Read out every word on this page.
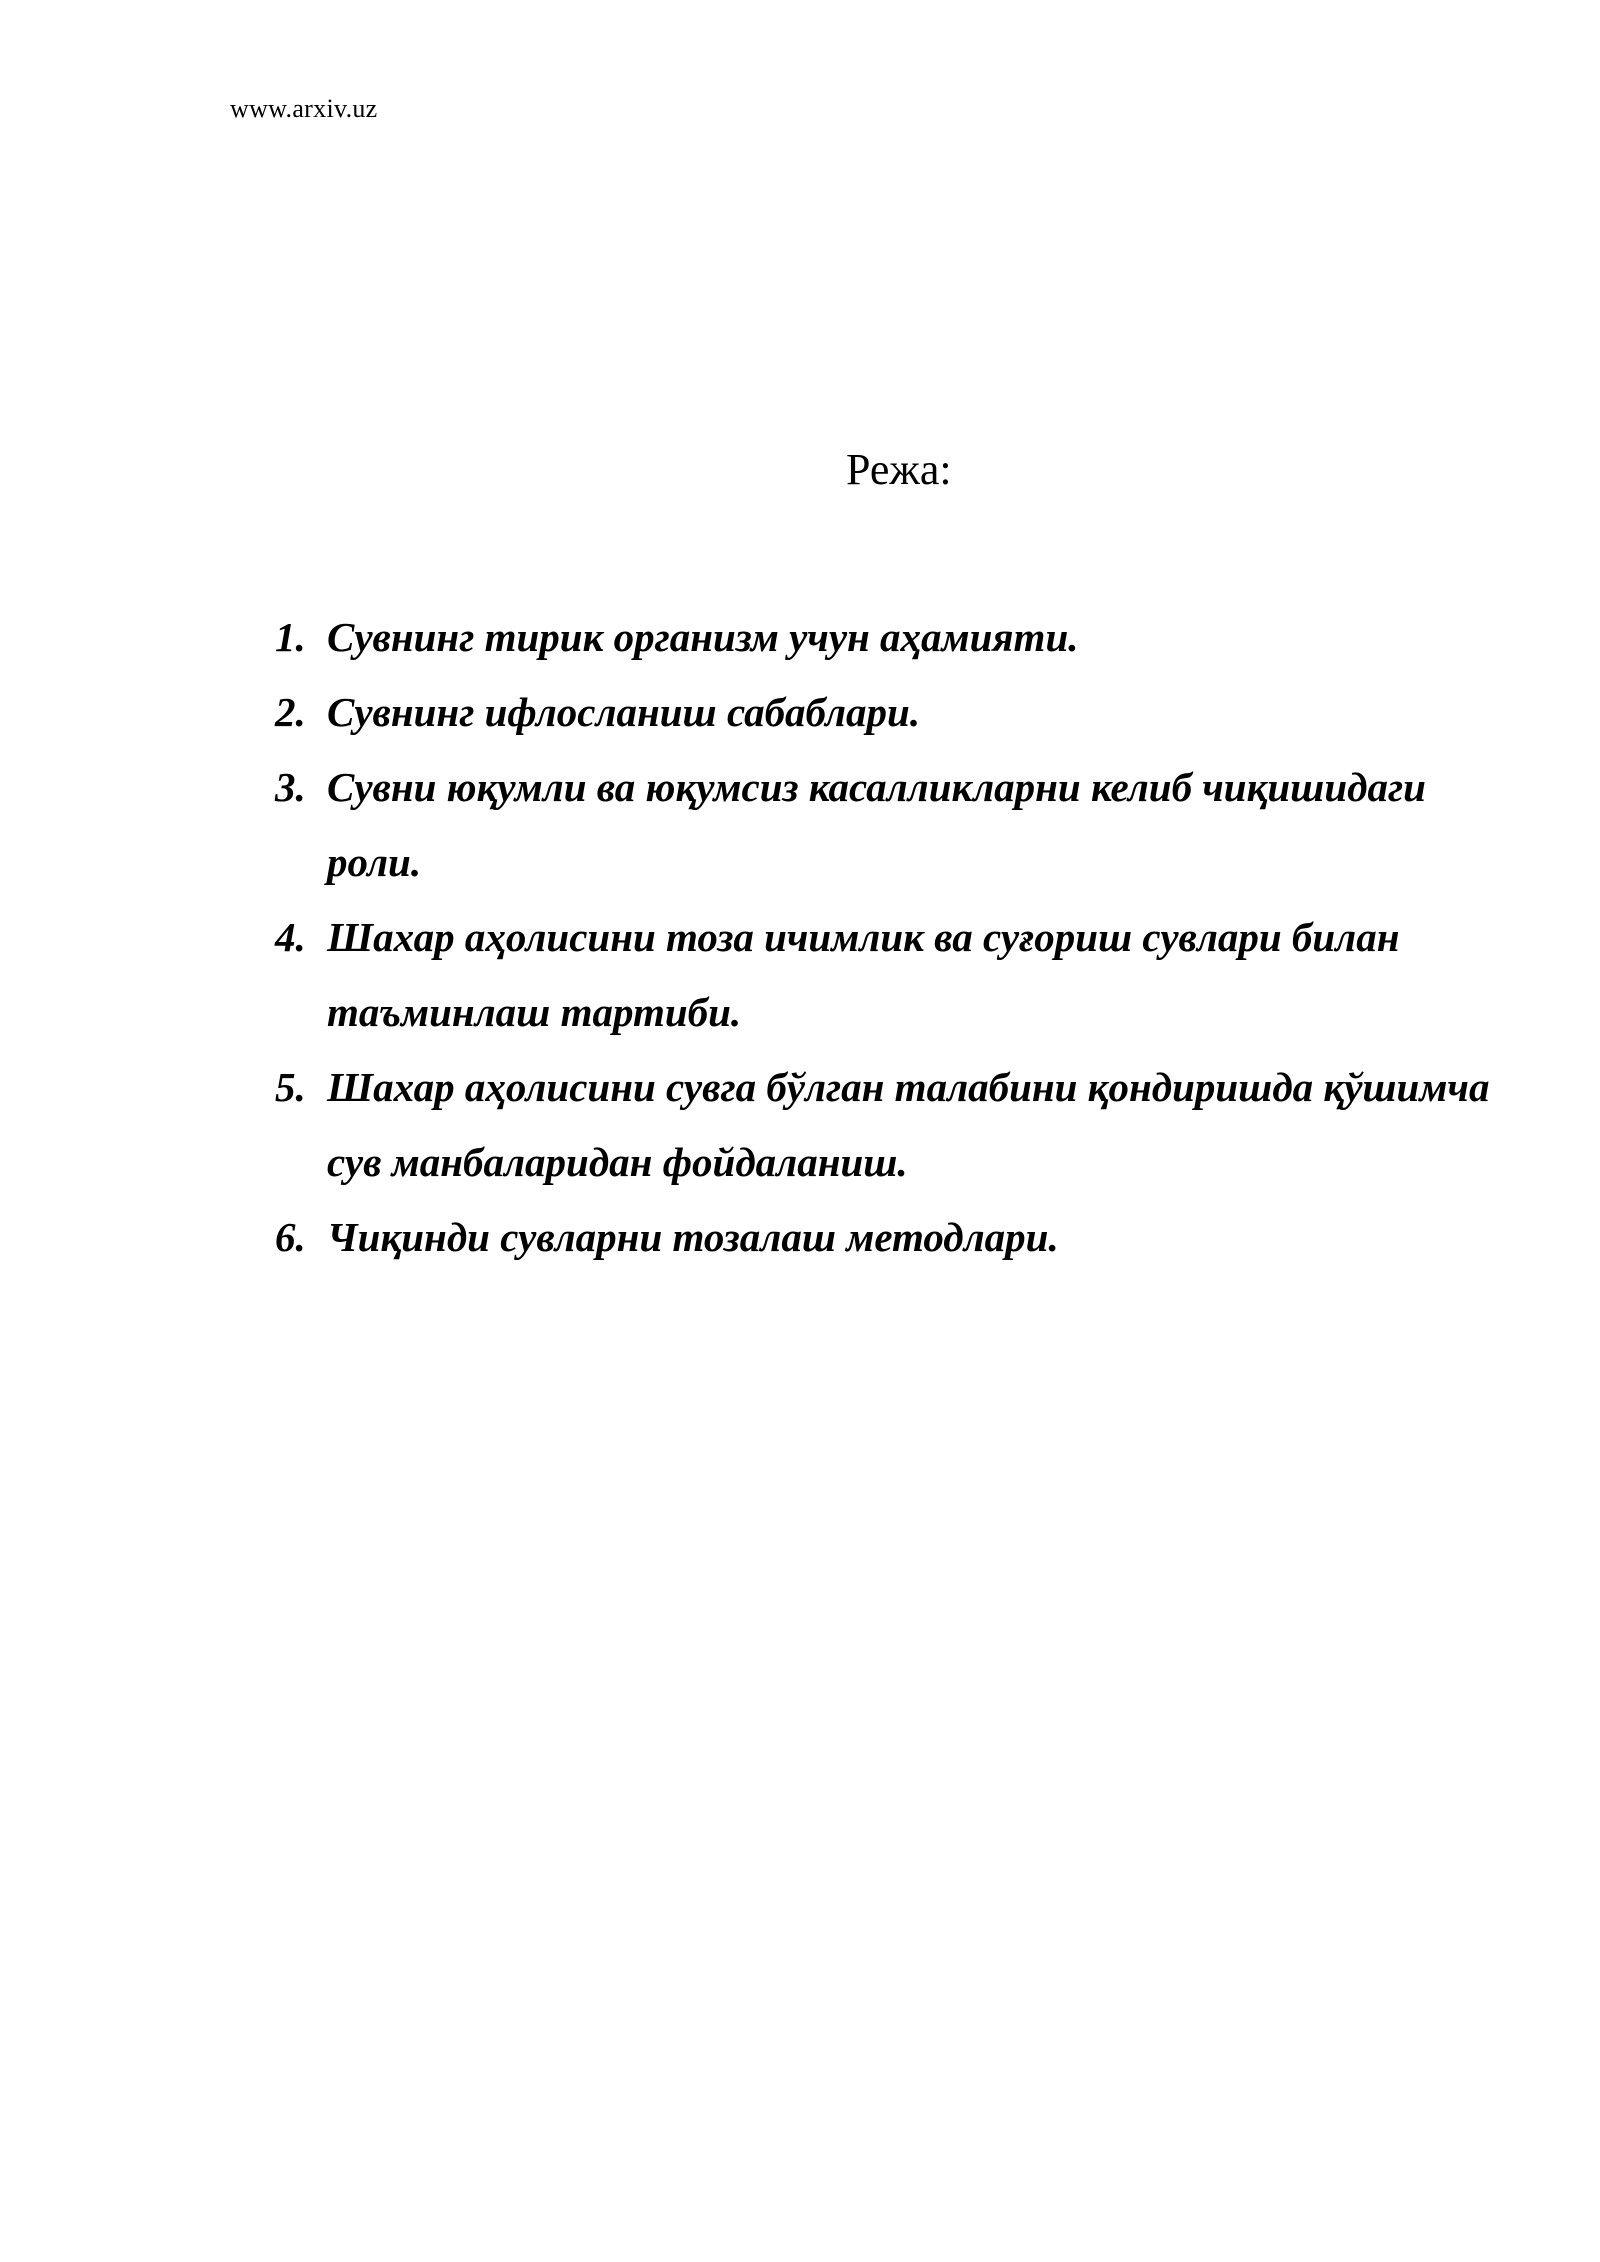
www.arxiv.uz
Режа:
1. Сувнинг тирик организм учун аҳамияти.
2. Сувнинг ифлосланиш сабаблари.
3. Сувни юқумли ва юқумсиз касалликларни келиб чиқишидаги роли.
4. Шахар аҳолисини тоза ичимлик ва суғориш сувлари билан таъминлаш тартиби.
5. Шахар аҳолисини сувга бўлган талабини қондиришда қўшимча сув манбаларидан фойдаланиш.
6. Чиқинди сувларни тозалаш методлари.
